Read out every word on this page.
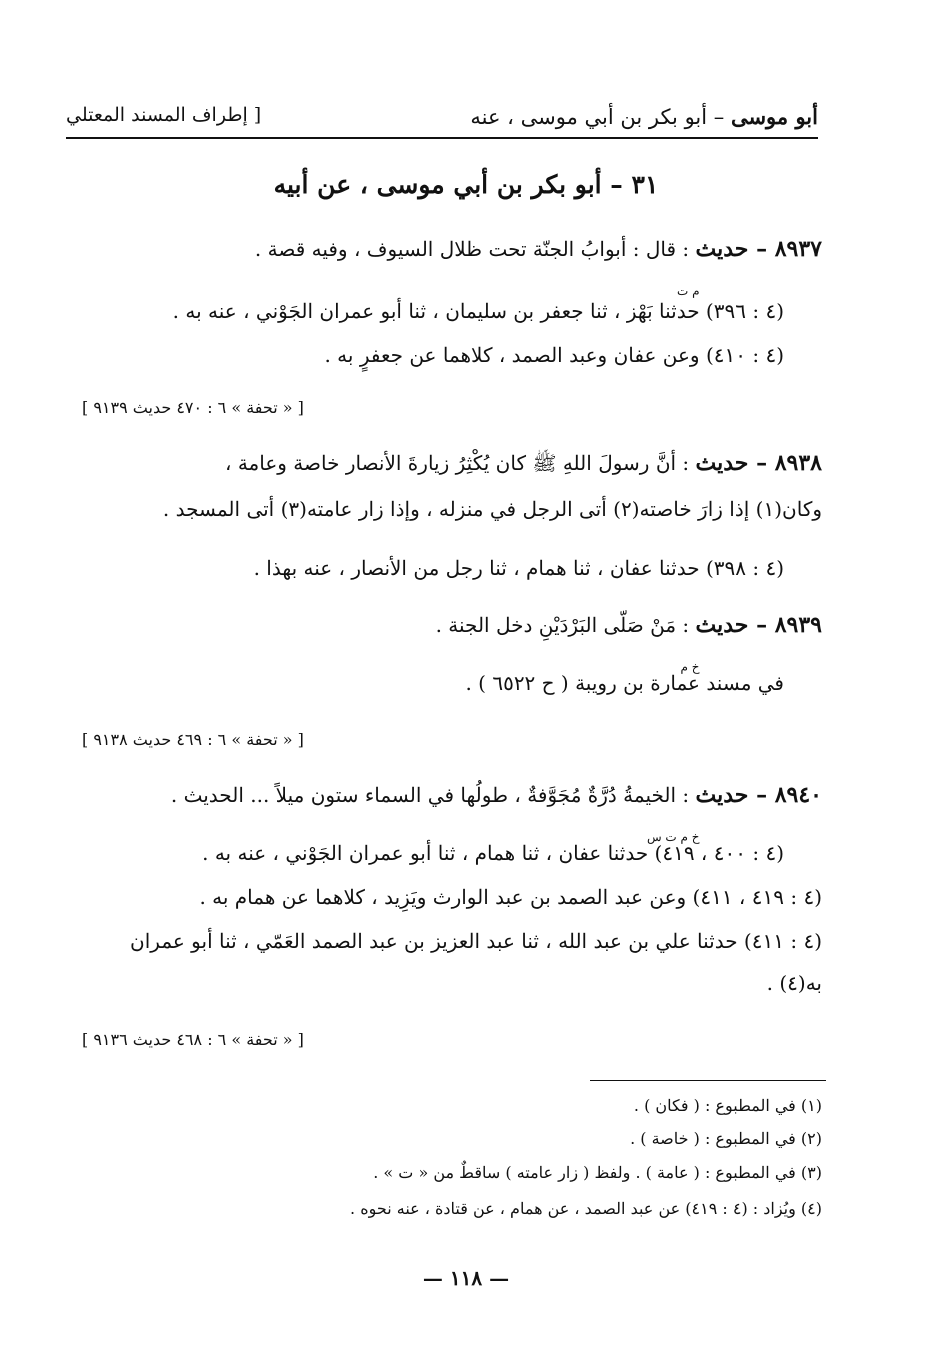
أبو موسى – أبو بكر بن أبي موسى ، عنه
[ إطراف المسند المعتلي
٣١ – أبو بكر بن أبي موسى ، عن أبيه
٨٩٣٧ – حديث
م ت
: قال : أبوابُ الجنّة تحت ظلال السيوف ، وفيه قصة .
(٤ : ٣٩٦) حدثنا بَهْز ، ثنا جعفر بن سليمان ، ثنا أبو عمران الجَوْني ، عنه به .
(٤ : ٤١٠) وعن عفان وعبد الصمد ، كلاهما عن جعفرٍ به .
[ « تحفة » ٦ : ٤٧٠ حديث ٩١٣٩ ]
٨٩٣٨ – حديث : أنَّ رسولَ اللهِ ﷺ كان يُكْثِرُ زيارةَ الأنصار خاصة وعامة ،
وكان(١) إذا زارَ خاصته(٢) أتى الرجل في منزله ، وإذا زار عامته(٣) أتى المسجد .
(٤ : ٣٩٨) حدثنا عفان ، ثنا همام ، ثنا رجل من الأنصار ، عنه بهذا .
٨٩٣٩ – حديث
خ م
: مَنْ صَلّى البَرْدَيْنِ دخل الجنة .
في مسند عمارة بن رويبة ( ح ٦٥٢٢ ) .
[ « تحفة » ٦ : ٤٦٩ حديث ٩١٣٨ ]
٨٩٤٠ – حديث
خ م ت س
: الخيمةُ دُرَّةٌ مُجَوَّفةٌ ، طولُها في السماء ستون ميلاً ... الحديث .
(٤ : ٤٠٠ ، ٤١٩) حدثنا عفان ، ثنا همام ، ثنا أبو عمران الجَوْني ، عنه به .
(٤ : ٤١٩ ، ٤١١) وعن عبد الصمد بن عبد الوارث ويَزِيد ، كلاهما عن همام به .
(٤ : ٤١١) حدثنا علي بن عبد الله ، ثنا عبد العزيز بن عبد الصمد العَمّي ، ثنا أبو عمران
به(٤) .
[ « تحفة » ٦ : ٤٦٨ حديث ٩١٣٦ ]
(١) في المطبوع : ( فكان ) .
(٢) في المطبوع : ( خاصة ) .
(٣) في المطبوع : ( عامة ) . ولفظ ( زار عامته ) ساقطٌ من « ت » .
(٤) ويُزاد : (٤ : ٤١٩) عن عبد الصمد ، عن همام ، عن قتادة ، عنه نحوه .
— ١١٨ —
